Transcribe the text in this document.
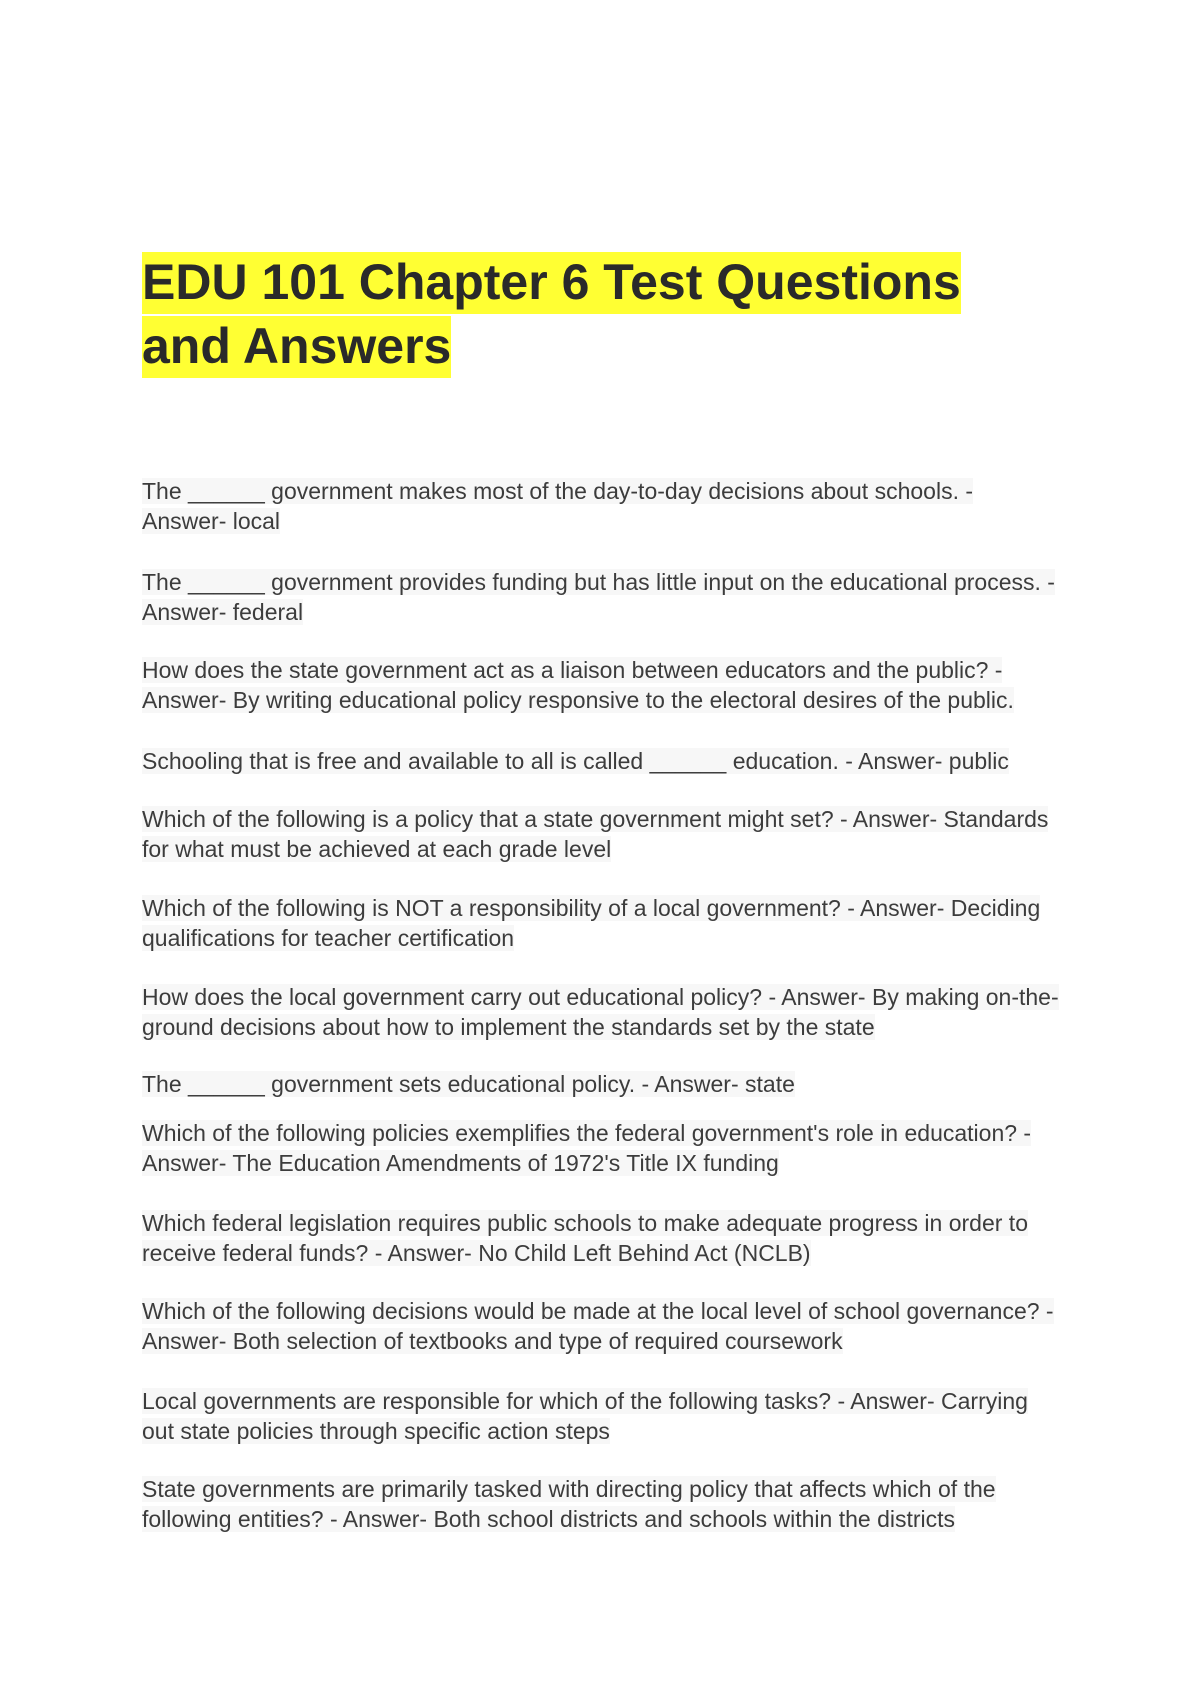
EDU 101 Chapter 6 Test Questions and Answers
The ______ government makes most of the day-to-day decisions about schools. - Answer- local
The ______ government provides funding but has little input on the educational process. - Answer- federal
How does the state government act as a liaison between educators and the public? - Answer- By writing educational policy responsive to the electoral desires of the public.
Schooling that is free and available to all is called ______ education. - Answer- public
Which of the following is a policy that a state government might set? - Answer- Standards for what must be achieved at each grade level
Which of the following is NOT a responsibility of a local government? - Answer- Deciding qualifications for teacher certification
How does the local government carry out educational policy? - Answer- By making on-the-ground decisions about how to implement the standards set by the state
The ______ government sets educational policy. - Answer- state
Which of the following policies exemplifies the federal government's role in education? - Answer- The Education Amendments of 1972's Title IX funding
Which federal legislation requires public schools to make adequate progress in order to receive federal funds? - Answer- No Child Left Behind Act (NCLB)
Which of the following decisions would be made at the local level of school governance? - Answer- Both selection of textbooks and type of required coursework
Local governments are responsible for which of the following tasks? - Answer- Carrying out state policies through specific action steps
State governments are primarily tasked with directing policy that affects which of the following entities? - Answer- Both school districts and schools within the districts
